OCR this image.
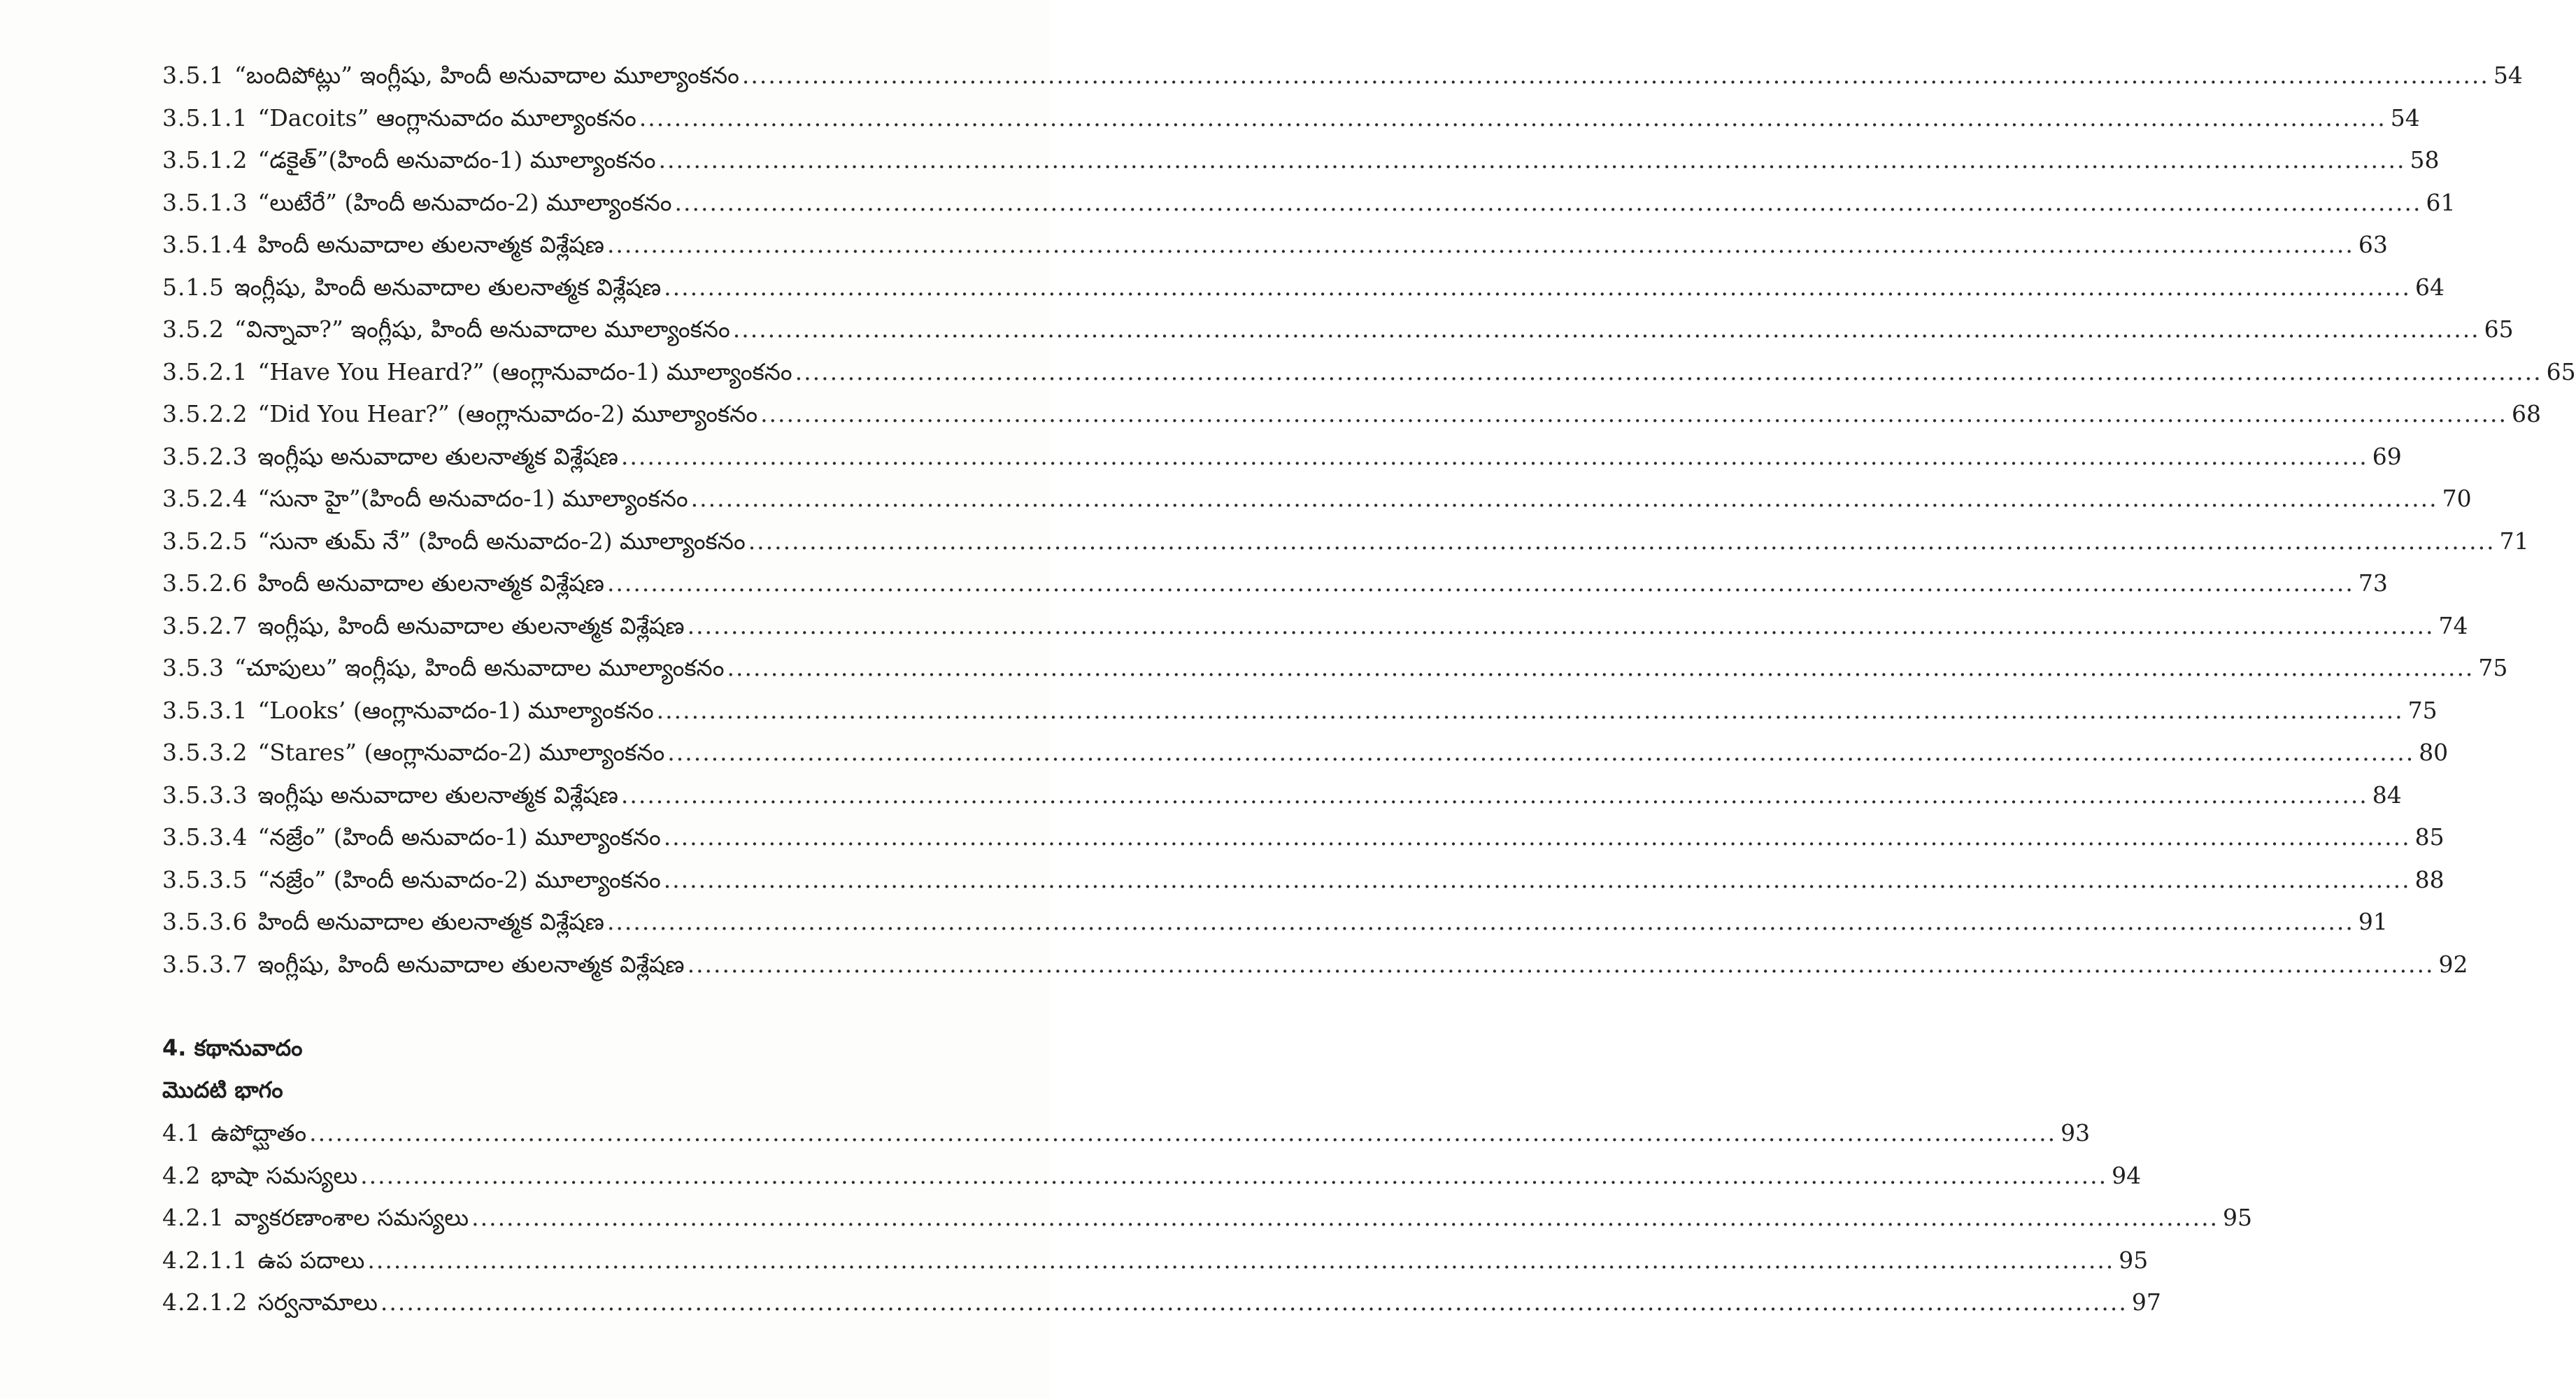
3.5.1 “బందిపోట్లు” ఇంగ్లీషు, హిందీ అనువాదాల మూల్యాంకనం .....	54
3.5.1.1 “Dacoits” ఆంగ్లానువాదం మూల్యాంకనం .....	54
3.5.1.2 “డకైత్”(హిందీ అనువాదం-1) మూల్యాంకనం .....	58
3.5.1.3 “లుటేరే” (హిందీ అనువాదం-2) మూల్యాంకనం .....	61
3.5.1.4 హిందీ అనువాదాల తులనాత్మక విశ్లేషణ .....	63
5.1.5 ఇంగ్లీషు, హిందీ అనువాదాల తులనాత్మక విశ్లేషణ .....	64
3.5.2 “విన్నావా?” ఇంగ్లీషు, హిందీ అనువాదాల మూల్యాంకనం .....	65
3.5.2.1 “Have You Heard?” (ఆంగ్లానువాదం-1) మూల్యాంకనం .....	65
3.5.2.2 “Did You Hear?” (ఆంగ్లానువాదం-2) మూల్యాంకనం .....	68
3.5.2.3 ఇంగ్లీషు అనువాదాల తులనాత్మక విశ్లేషణ .....	69
3.5.2.4 “సునా హై”(హిందీ అనువాదం-1) మూల్యాంకనం .....	70
3.5.2.5 “సునా తుమ్ నే” (హిందీ అనువాదం-2) మూల్యాంకనం .....	71
3.5.2.6 హిందీ అనువాదాల తులనాత్మక విశ్లేషణ .....	73
3.5.2.7 ఇంగ్లీషు, హిందీ అనువాదాల తులనాత్మక విశ్లేషణ .....	74
3.5.3 “చూపులు” ఇంగ్లీషు, హిందీ అనువాదాల మూల్యాంకనం .....	75
3.5.3.1 “Looks’ (ఆంగ్లానువాదం-1) మూల్యాంకనం .....	75
3.5.3.2 “Stares” (ఆంగ్లానువాదం-2) మూల్యాంకనం .....	80
3.5.3.3 ఇంగ్లీషు అనువాదాల తులనాత్మక విశ్లేషణ .....	84
3.5.3.4 “నజ్రేం” (హిందీ అనువాదం-1) మూల్యాంకనం .....	85
3.5.3.5 “నజ్రేం” (హిందీ అనువాదం-2) మూల్యాంకనం .....	88
3.5.3.6 హిందీ అనువాదాల తులనాత్మక విశ్లేషణ .....	91
3.5.3.7 ఇంగ్లీషు, హిందీ అనువాదాల తులనాత్మక విశ్లేషణ .....	92
4. కథానువాదం
మొదటి భాగం
4.1 ఉపోద్ఘాతం .....	93
4.2 భాషా సమస్యలు .....	94
4.2.1 వ్యాకరణాంశాల సమస్యలు .....	95
4.2.1.1 ఉప పదాలు .....	95
4.2.1.2 సర్వనామాలు .....	97
